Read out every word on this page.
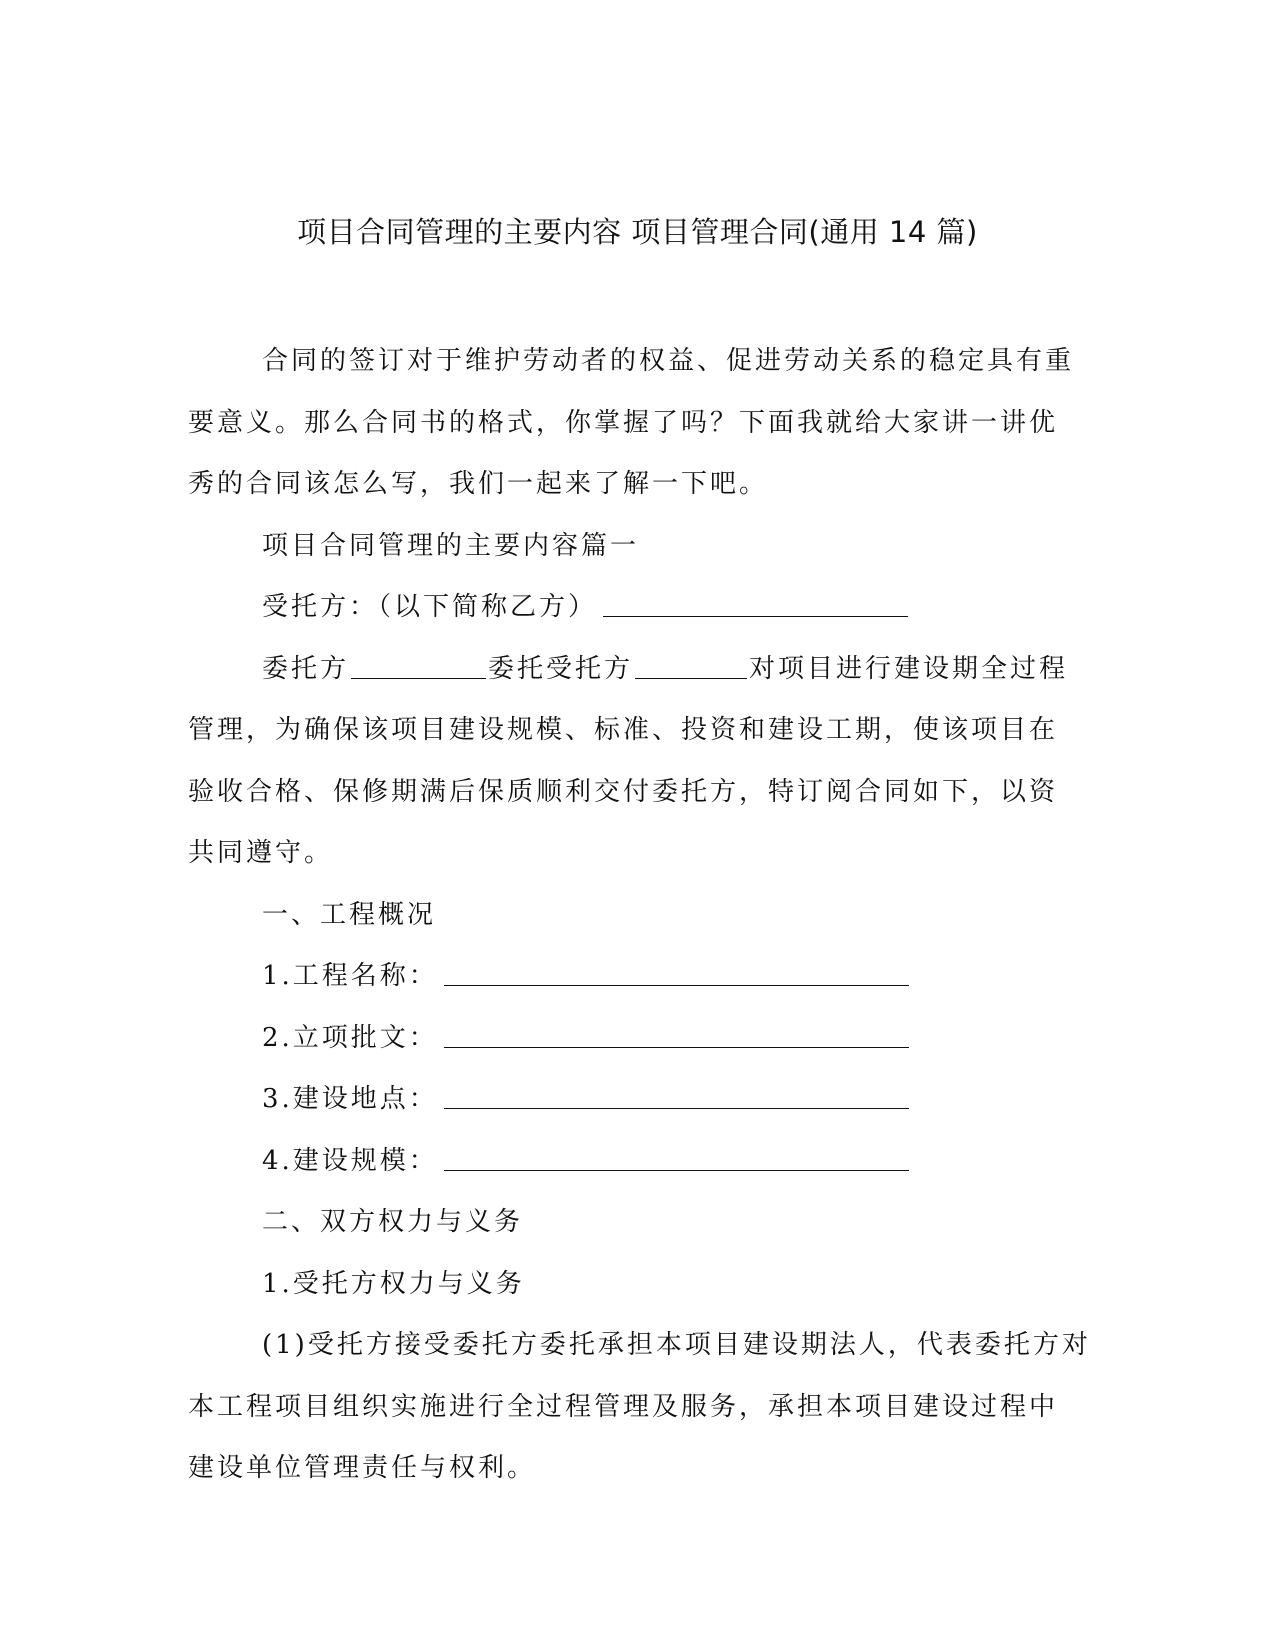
项目合同管理的主要内容 项目管理合同(通用 14 篇)

合同的签订对于维护劳动者的权益、促进劳动关系的稳定具有重

要意义。那么合同书的格式，你掌握了吗？下面我就给大家讲一讲优

秀的合同该怎么写，我们一起来了解一下吧。

项目合同管理的主要内容篇一

受托方：（以下简称乙方）

委托方	委托受托方	对项目进行建设期全过程

管理，为确保该项目建设规模、标准、投资和建设工期，使该项目在

验收合格、保修期满后保质顺利交付委托方，特订阅合同如下，以资

共同遵守。

一、工程概况

1.工程名称：

2.立项批文：

3.建设地点：

4.建设规模：

二、双方权力与义务

1.受托方权力与义务

(1)受托方接受委托方委托承担本项目建设期法人，代表委托方对

本工程项目组织实施进行全过程管理及服务，承担本项目建设过程中

建设单位管理责任与权利。
